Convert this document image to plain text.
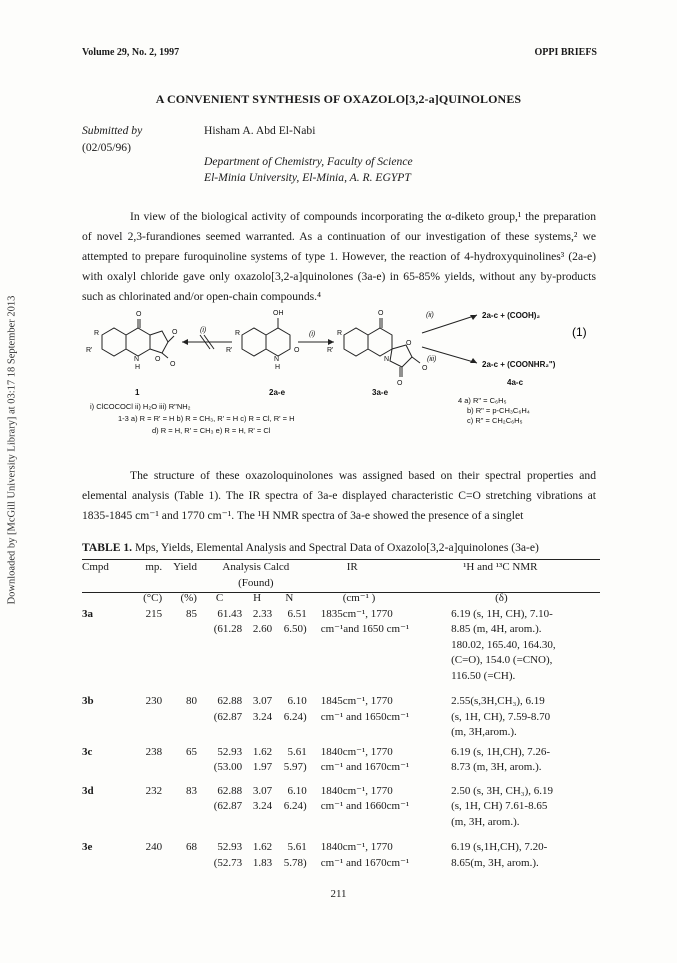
Downloaded by [McGill University Library] at 03:17 18 September 2013
Volume 29, No. 2, 1997	OPPI BRIEFS
A CONVENIENT SYNTHESIS OF OXAZOLO[3,2-a]QUINOLONES
Submitted by
(02/05/96)
Hisham A. Abd El-Nabi
Department of Chemistry, Faculty of Science
El-Minia University, El-Minia, A. R. EGYPT

In view of the biological activity of compounds incorporating the α-diketo group,¹ the preparation of novel 2,3-furandiones seemed warranted. As a continuation of our investigation of these systems,² we attempted to prepare furoquinoline systems of type 1. However, the reaction of 4-hydroxyquinolines³ (2a-e) with oxalyl chloride gave only oxazolo[3,2-a]quinolones (3a-e) in 65-85% yields, without any by-products such as chlorinated and/or open-chain compounds.⁴

O
R
R'
N
H
O
O
O
OH
R
R'
N
H
O
O
R
R'
N
O
O
O
(i)
(i)
(ii)
(iii)
2a-c + (COOH)₂
2a-c + (COONHR₂")
4a-c
1	2a-e	3a-e
(1)
i) ClCOCOCl ii) H₂O iii) R"NH₂
1-3 a) R = R' = H b) R = CH₃, R' = H c) R = Cl, R' = H
d) R = H, R' = CH₃ e) R = H, R' = Cl
4 a) R" = C₆H₅
b) R" = p-CH₃C₆H₄
c) R" = CH₂C₆H₅

The structure of these oxazoloquinolones was assigned based on their spectral properties and elemental analysis (Table 1). The IR spectra of 3a-e displayed characteristic C=O stretching vibrations at 1835-1845 cm⁻¹ and 1770 cm⁻¹. The ¹H NMR spectra of 3a-e showed the presence of a singlet

TABLE 1. Mps, Yields, Elemental Analysis and Spectral Data of Oxazolo[3,2-a]quinolones (3a-e)
Cmpd	mp.	Yield	Analysis Calcd (Found)			IR	¹H and ¹³C NMR
	(°C)	(%)	C	H	N	(cm⁻¹ )	(δ)
3a	215	85	61.43	2.33	6.51	1835cm⁻¹, 1770	6.19 (s, 1H, CH), 7.10-
			(61.28	2.60	6.50)	cm⁻¹and 1650 cm⁻¹	8.85 (m, 4H, arom.).
							180.02, 165.40, 164.30,
							(C=O), 154.0 (=CNO),
							116.50 (=CH).
3b	230	80	62.88	3.07	6.10	1845cm⁻¹, 1770	2.55(s,3H,CH₃), 6.19
			(62.87	3.24	6.24)	cm⁻¹ and 1650cm⁻¹	(s, 1H, CH), 7.59-8.70
							(m, 3H,arom.).
3c	238	65	52.93	1.62	5.61	1840cm⁻¹, 1770	6.19 (s, 1H,CH), 7.26-
			(53.00	1.97	5.97)	cm⁻¹ and 1670cm⁻¹	8.73 (m, 3H, arom.).
3d	232	83	62.88	3.07	6.10	1840cm⁻¹, 1770	2.50 (s, 3H, CH₃), 6.19
			(62.87	3.24	6.24)	cm⁻¹ and 1660cm⁻¹	(s, 1H, CH) 7.61-8.65
							(m, 3H, arom.).
3e	240	68	52.93	1.62	5.61	1840cm⁻¹, 1770	6.19 (s,1H,CH), 7.20-
			(52.73	1.83	5.78)	cm⁻¹ and 1670cm⁻¹	8.65(m, 3H, arom.).
211
